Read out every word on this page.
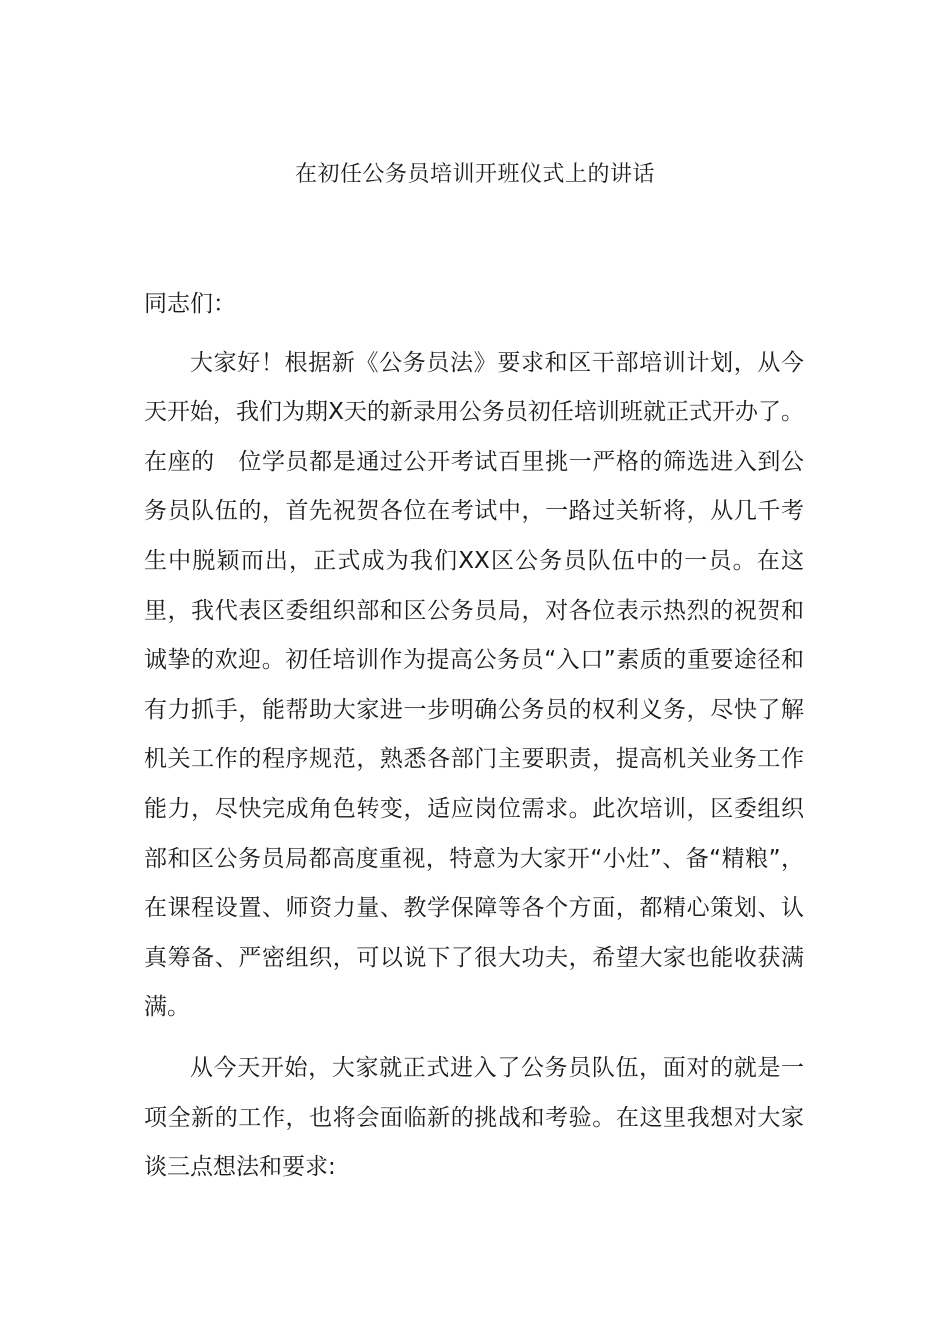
在初任公务员培训开班仪式上的讲话

同志们：

大家好！根据新《公务员法》要求和区干部培训计划，从今天开始，我们为期Ⅹ天的新录用公务员初任培训班就正式开办了。在座的　位学员都是通过公开考试百里挑一严格的筛选进入到公务员队伍的，首先祝贺各位在考试中，一路过关斩将，从几千考生中脱颖而出，正式成为我们XX区公务员队伍中的一员。在这里，我代表区委组织部和区公务员局，对各位表示热烈的祝贺和诚挚的欢迎。初任培训作为提高公务员“入口”素质的重要途径和有力抓手，能帮助大家进一步明确公务员的权利义务，尽快了解机关工作的程序规范，熟悉各部门主要职责，提高机关业务工作能力，尽快完成角色转变，适应岗位需求。此次培训，区委组织部和区公务员局都高度重视，特意为大家开“小灶”、备“精粮”，在课程设置、师资力量、教学保障等各个方面，都精心策划、认真筹备、严密组织，可以说下了很大功夫，希望大家也能收获满满。

从今天开始，大家就正式进入了公务员队伍，面对的就是一项全新的工作，也将会面临新的挑战和考验。在这里我想对大家谈三点想法和要求:
